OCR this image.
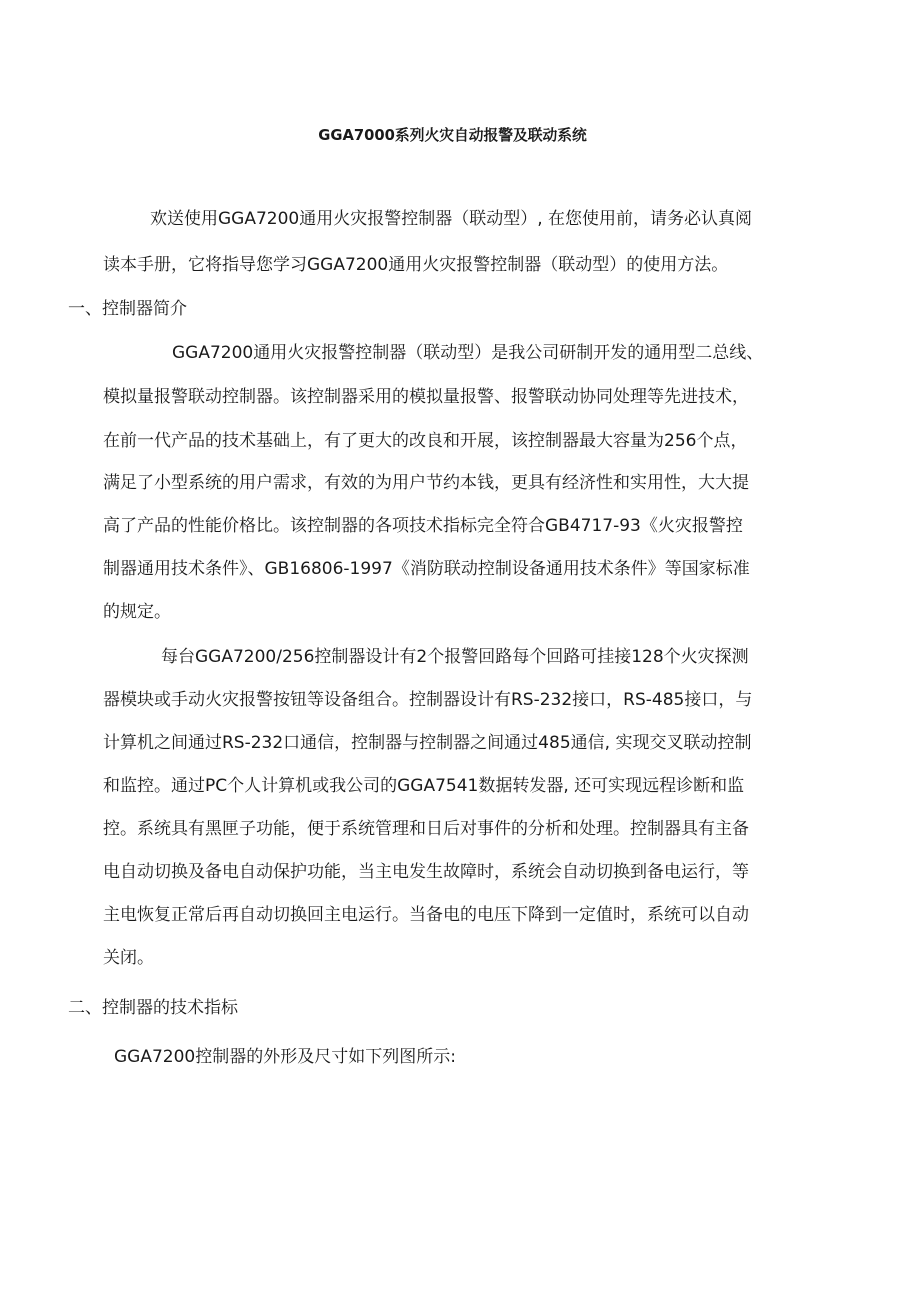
GGA7000系列火灾自动报警及联动系统
欢送使用GGA7200通用火灾报警控制器（联动型）, 在您使用前，请务必认真阅
读本手册，它将指导您学习GGA7200通用火灾报警控制器（联动型）的使用方法。
一、控制器简介
GGA7200通用火灾报警控制器（联动型）是我公司研制开发的通用型二总线、
模拟量报警联动控制器。该控制器采用的模拟量报警、报警联动协同处理等先进技术，
在前一代产品的技术基础上，有了更大的改良和开展，该控制器最大容量为256个点，
满足了小型系统的用户需求，有效的为用户节约本钱，更具有经济性和实用性，大大提
高了产品的性能价格比。该控制器的各项技术指标完全符合GB4717-93《火灾报警控
制器通用技术条件》、GB16806-1997《消防联动控制设备通用技术条件》等国家标准
的规定。
每台GGA7200/256控制器设计有2个报警回路每个回路可挂接128个火灾探测
器模块或手动火灾报警按钮等设备组合。控制器设计有RS-232接口，RS-485接口，与
计算机之间通过RS-232口通信，控制器与控制器之间通过485通信, 实现交叉联动控制
和监控。通过PC个人计算机或我公司的GGA7541数据转发器, 还可实现远程诊断和监
控。系统具有黑匣子功能，便于系统管理和日后对事件的分析和处理。控制器具有主备
电自动切换及备电自动保护功能，当主电发生故障时，系统会自动切换到备电运行，等
主电恢复正常后再自动切换回主电运行。当备电的电压下降到一定值时，系统可以自动
关闭。
二、控制器的技术指标
GGA7200控制器的外形及尺寸如下列图所示:
